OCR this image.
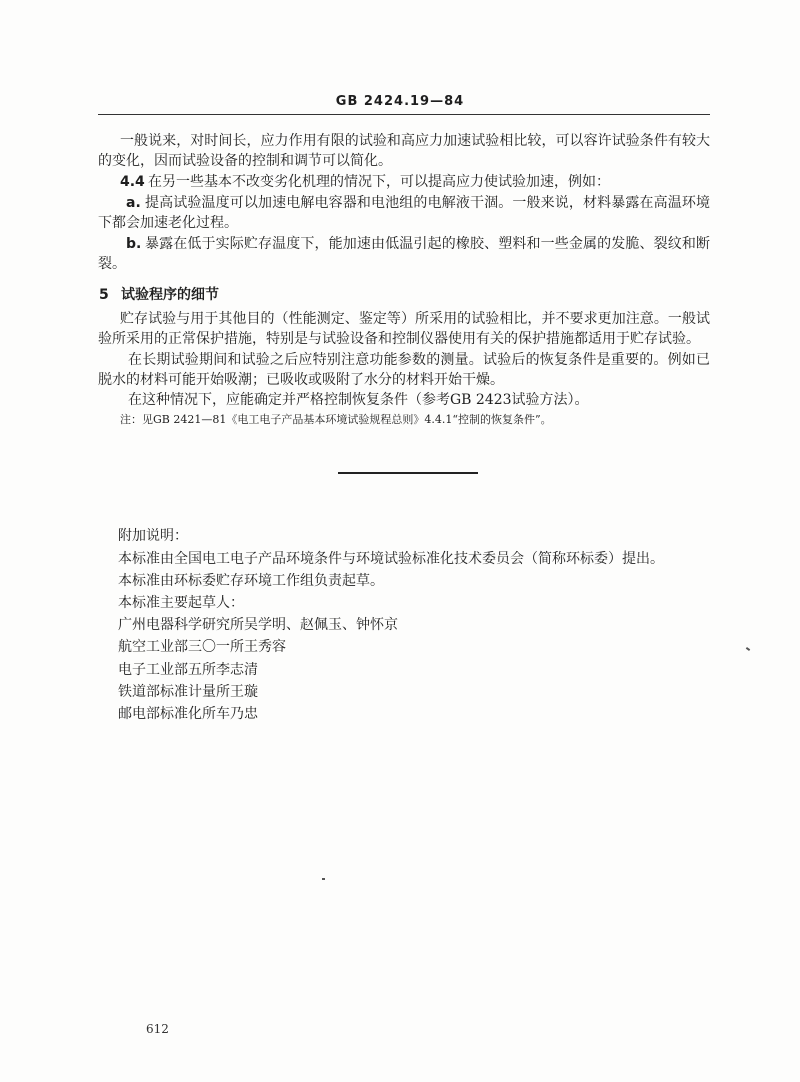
GB 2424.19—84
一般说来，对时间长，应力作用有限的试验和高应力加速试验相比较，可以容许试验条件有较大
的变化，因而试验设备的控制和调节可以简化。
4.4 在另一些基本不改变劣化机理的情况下，可以提高应力使试验加速，例如：
a. 提高试验温度可以加速电解电容器和电池组的电解液干涸。一般来说，材料暴露在高温环境
下都会加速老化过程。
b. 暴露在低于实际贮存温度下，能加速由低温引起的橡胶、塑料和一些金属的发脆、裂纹和断
裂。
5 试验程序的细节
贮存试验与用于其他目的（性能测定、鉴定等）所采用的试验相比，并不要求更加注意。一般试
验所采用的正常保护措施，特别是与试验设备和控制仪器使用有关的保护措施都适用于贮存试验。
在长期试验期间和试验之后应特别注意功能参数的测量。试验后的恢复条件是重要的。例如已
脱水的材料可能开始吸潮；已吸收或吸附了水分的材料开始干燥。
在这种情况下，应能确定并严格控制恢复条件（参考GB 2423试验方法）。
注：见GB 2421—81《电工电子产品基本环境试验规程总则》4.4.1“控制的恢复条件”。
附加说明：
本标准由全国电工电子产品环境条件与环境试验标准化技术委员会（简称环标委）提出。
本标准由环标委贮存环境工作组负责起草。
本标准主要起草人：
广州电器科学研究所吴学明、赵佩玉、钟怀京
航空工业部三〇一所王秀容
电子工业部五所李志清
铁道部标准计量所王璇
邮电部标准化所车乃忠
612
